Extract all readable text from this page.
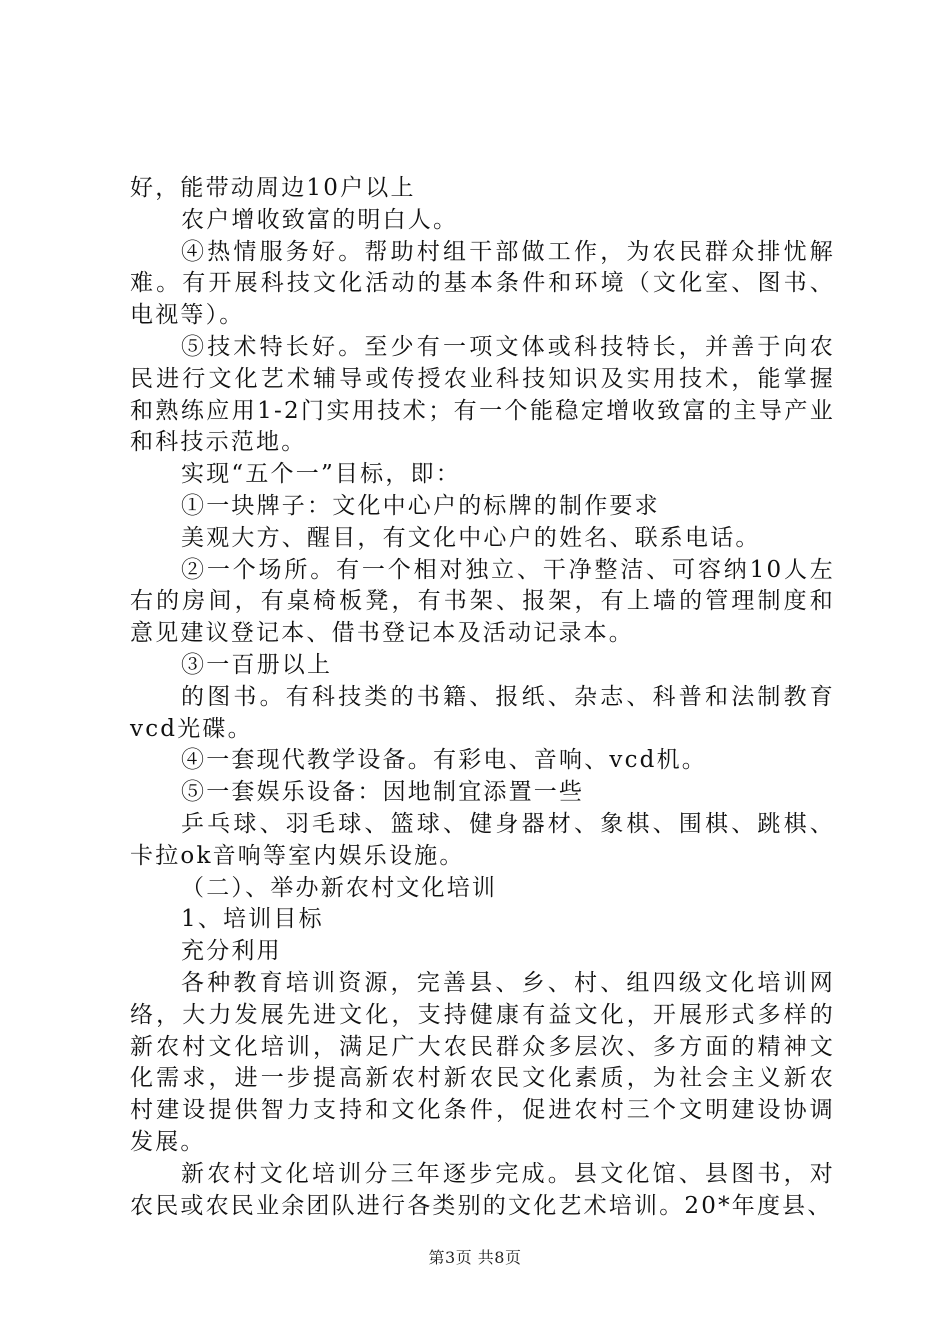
好，能带动周边10户以上

农户增收致富的明白人。

④热情服务好。帮助村组干部做工作，为农民群众排忧解难。有开展科技文化活动的基本条件和环境（文化室、图书、电视等）。

⑤技术特长好。至少有一项文体或科技特长，并善于向农民进行文化艺术辅导或传授农业科技知识及实用技术，能掌握和熟练应用1-2门实用技术；有一个能稳定增收致富的主导产业和科技示范地。

实现“五个一”目标，即：

①一块牌子：文化中心户的标牌的制作要求

美观大方、醒目，有文化中心户的姓名、联系电话。

②一个场所。有一个相对独立、干净整洁、可容纳10人左右的房间，有桌椅板凳，有书架、报架，有上墙的管理制度和意见建议登记本、借书登记本及活动记录本。

③一百册以上

的图书。有科技类的书籍、报纸、杂志、科普和法制教育vcd光碟。

④一套现代教学设备。有彩电、音响、vcd机。

⑤一套娱乐设备：因地制宜添置一些

乒乓球、羽毛球、篮球、健身器材、象棋、围棋、跳棋、卡拉ok音响等室内娱乐设施。

（二）、举办新农村文化培训

1、培训目标

充分利用

各种教育培训资源，完善县、乡、村、组四级文化培训网络，大力发展先进文化，支持健康有益文化，开展形式多样的新农村文化培训，满足广大农民群众多层次、多方面的精神文化需求，进一步提高新农村新农民文化素质，为社会主义新农村建设提供智力支持和文化条件，促进农村三个文明建设协调发展。

新农村文化培训分三年逐步完成。县文化馆、县图书，对农民或农民业余团队进行各类别的文化艺术培训。20*年度县、

第3页 共8页
